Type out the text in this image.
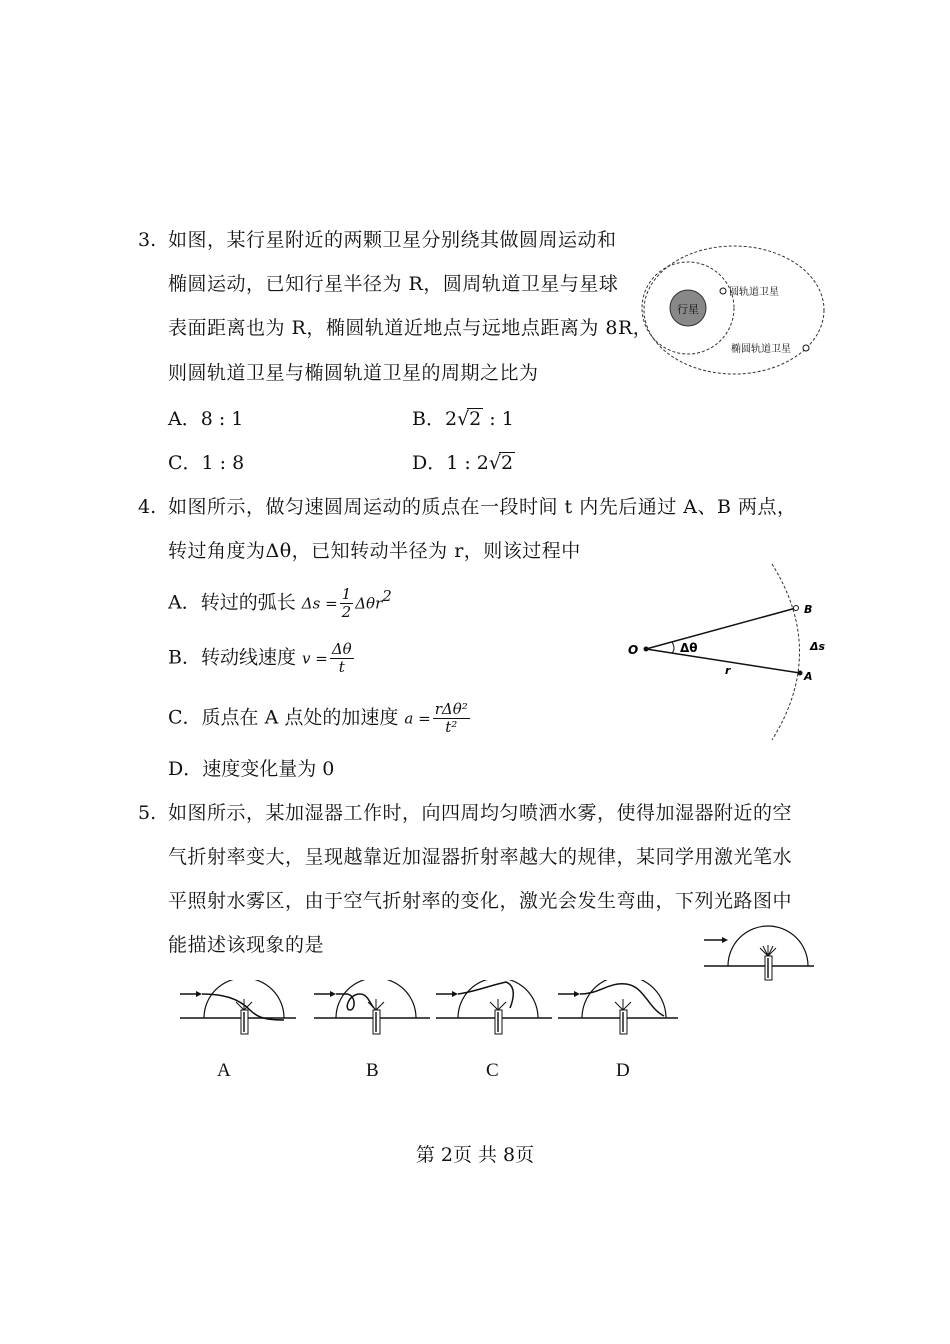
3. 如图，某行星附近的两颗卫星分别绕其做圆周运动和
椭圆运动，已知行星半径为 R，圆周轨道卫星与星球
表面距离也为 R，椭圆轨道近地点与远地点距离为 8R，
则圆轨道卫星与椭圆轨道卫星的周期之比为
A．8 : 1	B．2√2 : 1
C．1 : 8	D．1 : 2√2
行星
圆轨道卫星
椭圆轨道卫星
4. 如图所示，做匀速圆周运动的质点在一段时间 t 内先后通过 A、B 两点，
转过角度为Δθ，已知转动半径为 r，则该过程中
A．转过的弧长 $\Delta s = \frac{1}{2} \Delta\theta r^2$
B．转动线速度 $v = \frac{\Delta\theta}{t}$
C．质点在 A 点处的加速度 $a = \frac{\text{rΔθ²}}{\text{t²}}$
D．速度变化量为 0
O	Δθ
B
A
Δs
r
5. 如图所示，某加湿器工作时，向四周均匀喷洒水雾，使得加湿器附近的空
气折射率变大，呈现越靠近加湿器折射率越大的规律，某同学用激光笔水
平照射水雾区，由于空气折射率的变化，激光会发生弯曲，下列光路图中
能描述该现象的是
A	B	C	D
第 2页 共 8页
